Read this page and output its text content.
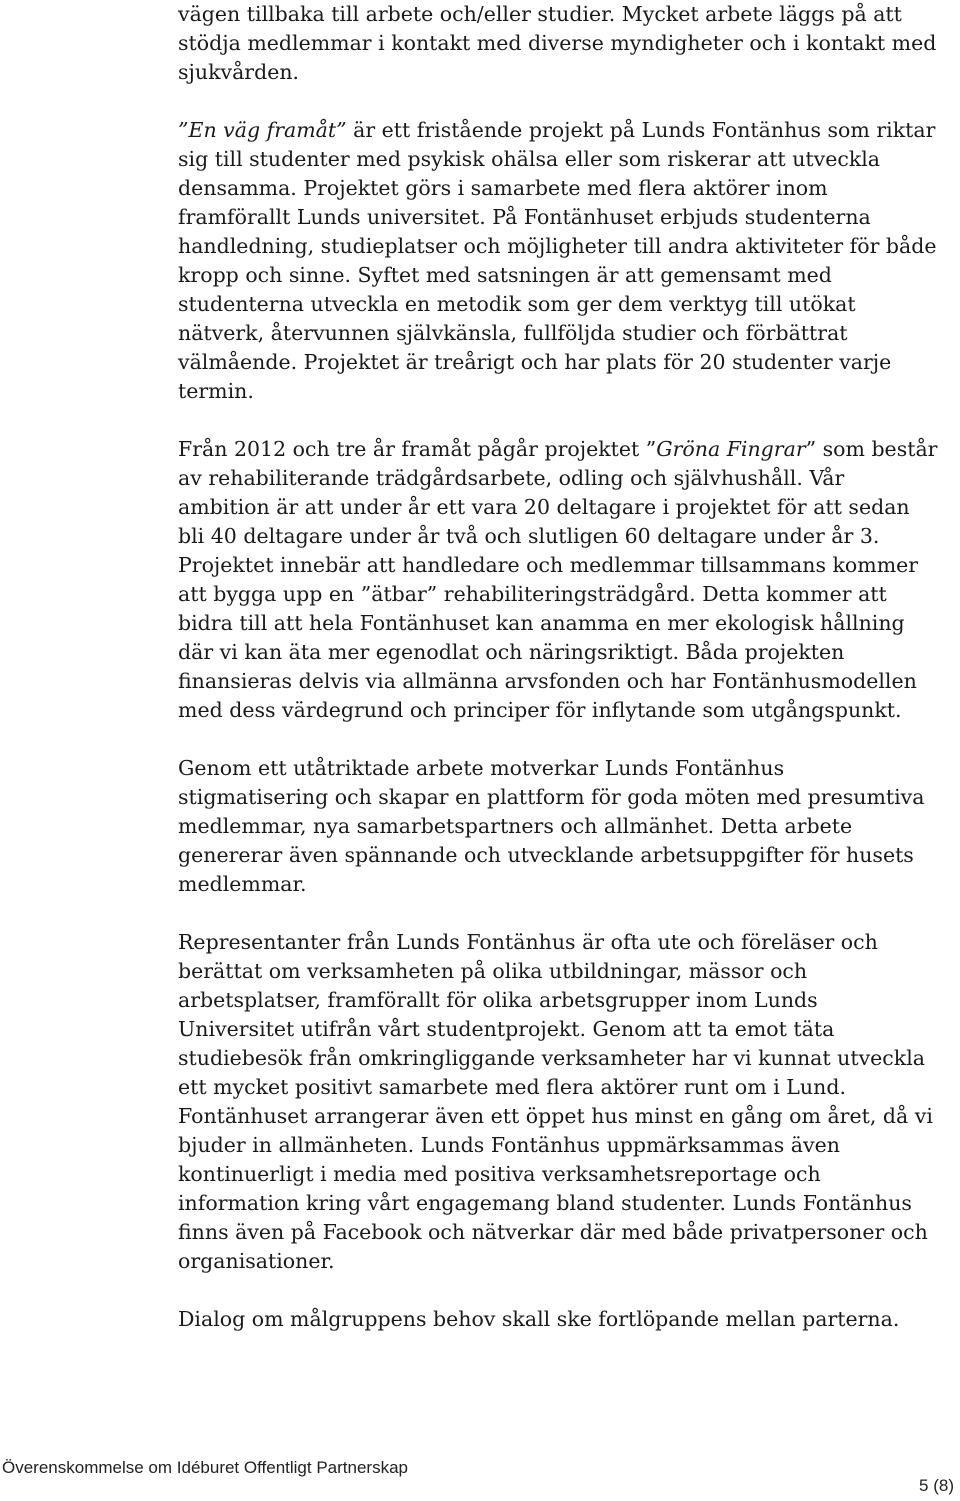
vägen tillbaka till arbete och/eller studier. Mycket arbete läggs på att stödja medlemmar i kontakt med diverse myndigheter och i kontakt med sjukvården.

”En väg framåt” är ett fristående projekt på Lunds Fontänhus som riktar sig till studenter med psykisk ohälsa eller som riskerar att utveckla densamma. Projektet görs i samarbete med flera aktörer inom framförallt Lunds universitet. På Fontänhuset erbjuds studenterna handledning, studieplatser och möjligheter till andra aktiviteter för både kropp och sinne. Syftet med satsningen är att gemensamt med studenterna utveckla en metodik som ger dem verktyg till utökat nätverk, återvunnen självkänsla, fullföljda studier och förbättrat välmående. Projektet är treårigt och har plats för 20 studenter varje termin.

Från 2012 och tre år framåt pågår projektet ”Gröna Fingrar” som består av rehabiliterande trädgårdsarbete, odling och självhushåll. Vår ambition är att under år ett vara 20 deltagare i projektet för att sedan bli 40 deltagare under år två och slutligen 60 deltagare under år 3. Projektet innebär att handledare och medlemmar tillsammans kommer att bygga upp en ”ätbar” rehabiliteringsträdgård. Detta kommer att bidra till att hela Fontänhuset kan anamma en mer ekologisk hållning där vi kan äta mer egenodlat och näringsriktigt. Båda projekten finansieras delvis via allmänna arvsfonden och har Fontänhusmodellen med dess värdegrund och principer för inflytande som utgångspunkt.

Genom ett utåtriktade arbete motverkar Lunds Fontänhus stigmatisering och skapar en plattform för goda möten med presumtiva medlemmar, nya samarbetspartners och allmänhet. Detta arbete genererar även spännande och utvecklande arbetsuppgifter för husets medlemmar.

Representanter från Lunds Fontänhus är ofta ute och föreläser och berättat om verksamheten på olika utbildningar, mässor och arbetsplatser, framförallt för olika arbetsgrupper inom Lunds Universitet utifrån vårt studentprojekt. Genom att ta emot täta studiebesök från omkringliggande verksamheter har vi kunnat utveckla ett mycket positivt samarbete med flera aktörer runt om i Lund. Fontänhuset arrangerar även ett öppet hus minst en gång om året, då vi bjuder in allmänheten. Lunds Fontänhus uppmärksammas även kontinuerligt i media med positiva verksamhetsreportage och information kring vårt engagemang bland studenter. Lunds Fontänhus finns även på Facebook och nätverkar där med både privatpersoner och organisationer.

Dialog om målgruppens behov skall ske fortlöpande mellan parterna.

Överenskommelse om Idéburet Offentligt Partnerskap
5 (8)
